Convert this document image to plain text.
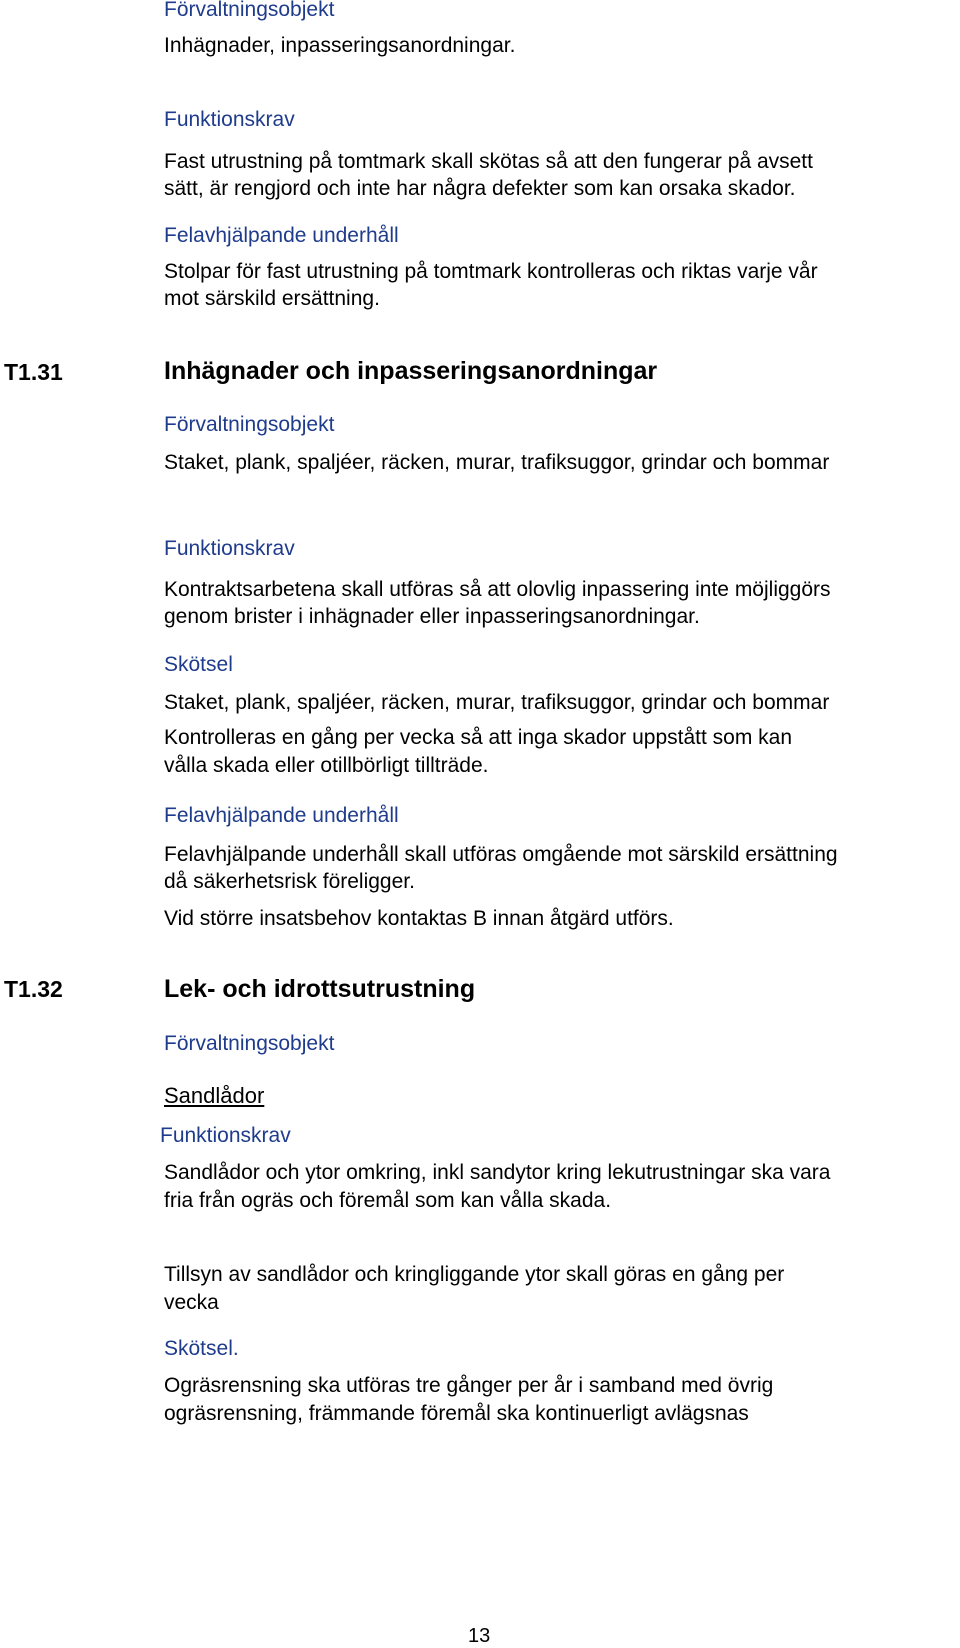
Förvaltningsobjekt

Inhägnader, inpasseringsanordningar.

Funktionskrav

Fast utrustning på tomtmark skall skötas så att den fungerar på avsett

sätt, är rengjord och inte har några defekter som kan orsaka skador.

Felavhjälpande underhåll

Stolpar för fast utrustning på tomtmark kontrolleras och riktas varje vår

mot särskild ersättning.

T1.31	Inhägnader och inpasseringsanordningar

Förvaltningsobjekt

Staket, plank, spaljéer, räcken, murar, trafiksuggor, grindar och bommar

Funktionskrav

Kontraktsarbetena skall utföras så att olovlig inpassering inte möjliggörs

genom brister i inhägnader eller inpasseringsanordningar.

Skötsel

Staket, plank, spaljéer, räcken, murar, trafiksuggor, grindar och bommar

Kontrolleras en gång per vecka så att inga skador uppstått som kan

vålla skada eller otillbörligt tillträde.

Felavhjälpande underhåll

Felavhjälpande underhåll skall utföras omgående mot särskild ersättning

då säkerhetsrisk föreligger.

Vid större insatsbehov kontaktas B innan åtgärd utförs.

T1.32	Lek- och idrottsutrustning

Förvaltningsobjekt

Sandlådor

Funktionskrav

Sandlådor och ytor omkring, inkl sandytor kring lekutrustningar ska vara

fria från ogräs och föremål som kan vålla skada.

Tillsyn av sandlådor och kringliggande ytor skall göras en gång per

vecka

Skötsel.

Ogräsrensning ska utföras tre gånger per år i samband med övrig

ogräsrensning, främmande föremål ska kontinuerligt avlägsnas

13
